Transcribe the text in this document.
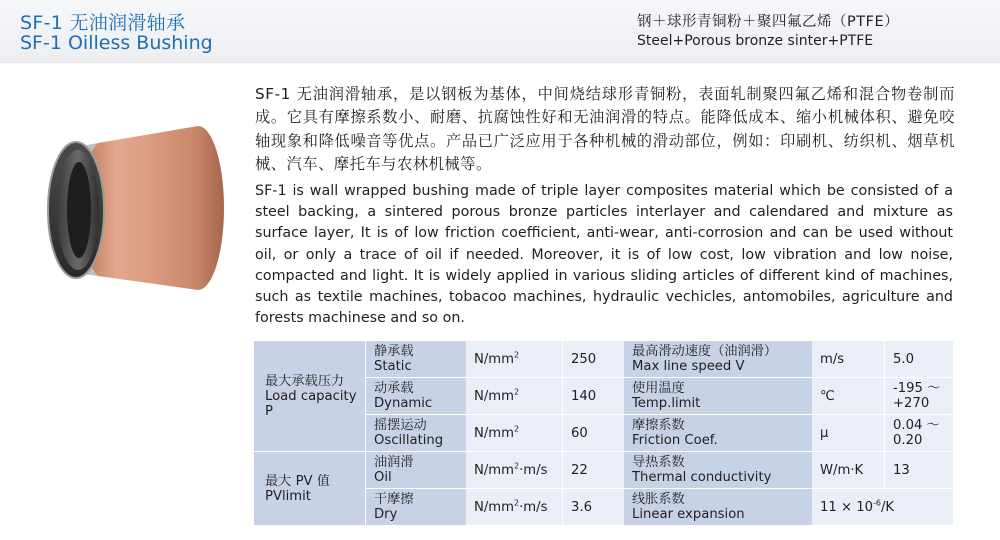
SF-1 无油润滑轴承
SF-1 Oilless Bushing
钢＋球形青铜粉＋聚四氟乙烯（PTFE）
Steel+Porous bronze sinter+PTFE

SF-1 无油润滑轴承，是以钢板为基体，中间烧结球形青铜粉，表面轧制聚四氟乙烯和混合物卷制而成。它具有摩擦系数小、耐磨、抗腐蚀性好和无油润滑的特点。能降低成本、缩小机械体积、避免咬轴现象和降低噪音等优点。产品已广泛应用于各种机械的滑动部位，例如：印刷机、纺织机、烟草机械、汽车、摩托车与农林机械等。

SF-1 is wall wrapped bushing made of triple layer composites material which be consisted of a steel backing, a sintered porous bronze particles interlayer and calendared and mixture as surface layer, It is of low friction coefficient, anti-wear, anti-corrosion and can be used without oil, or only a trace of oil if needed. Moreover, it is of low cost, low vibration and low noise, compacted and light. It is widely applied in various sliding articles of different kind of machines, such as textile machines, tobacoo machines, hydraulic vechicles, antomobiles, agriculture and forests machinese and so on.

最大承载压力
Load capacity P	静承载
Static	$N/mm^2$	250	最高滑动速度（油润滑）
Max line speed V	m/s	5.0

	动承载
Dynamic	$N/mm^2$	140	使用温度
Temp.limit	℃	-195 ～ +270

	摇摆运动
Oscillating	$N/mm^2$	60	摩擦系数
Friction Coef.	μ	0.04 ～ 0.20

最大 PV 值
PVlimit	油润滑
Oil	$N/mm^2\cdot m/s$	22	导热系数
Thermal conductivity	W/m·K	13

	干摩擦
Dry	$N/mm^2\cdot m/s$	3.6	线胀系数
Linear expansion	$11 \times 10^{-6}/K$	
